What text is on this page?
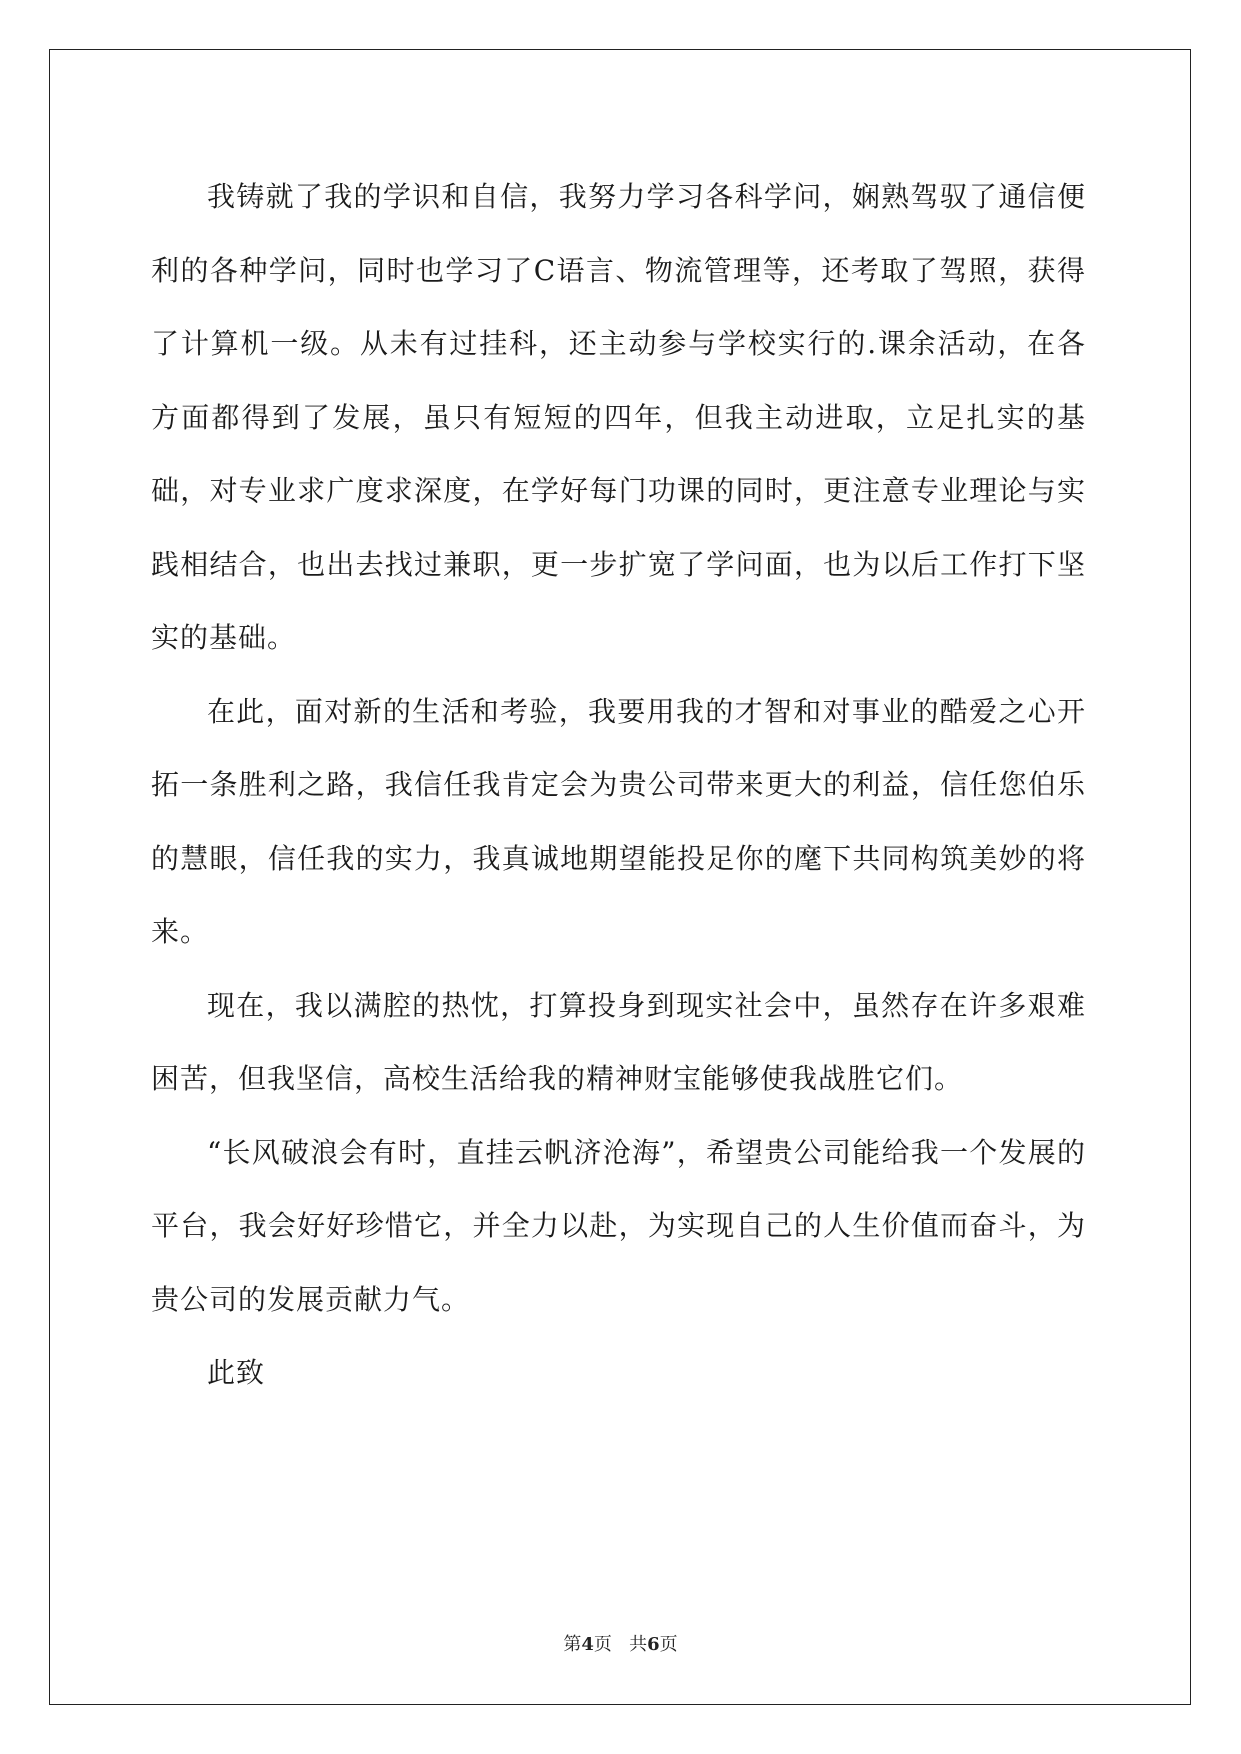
我铸就了我的学识和自信，我努力学习各科学问，娴熟驾驭了通信便利的各种学问，同时也学习了C语言、物流管理等，还考取了驾照，获得了计算机一级。从未有过挂科，还主动参与学校实行的.课余活动，在各方面都得到了发展，虽只有短短的四年，但我主动进取，立足扎实的基础，对专业求广度求深度，在学好每门功课的同时，更注意专业理论与实践相结合，也出去找过兼职，更一步扩宽了学问面，也为以后工作打下坚实的基础。

在此，面对新的生活和考验，我要用我的才智和对事业的酷爱之心开拓一条胜利之路，我信任我肯定会为贵公司带来更大的利益，信任您伯乐的慧眼，信任我的实力，我真诚地期望能投足你的麾下共同构筑美妙的将来。

现在，我以满腔的热忱，打算投身到现实社会中，虽然存在许多艰难困苦，但我坚信，高校生活给我的精神财宝能够使我战胜它们。

“长风破浪会有时，直挂云帆济沧海”，希望贵公司能给我一个发展的平台，我会好好珍惜它，并全力以赴，为实现自己的人生价值而奋斗，为贵公司的发展贡献力气。

此致

第4页 共6页
